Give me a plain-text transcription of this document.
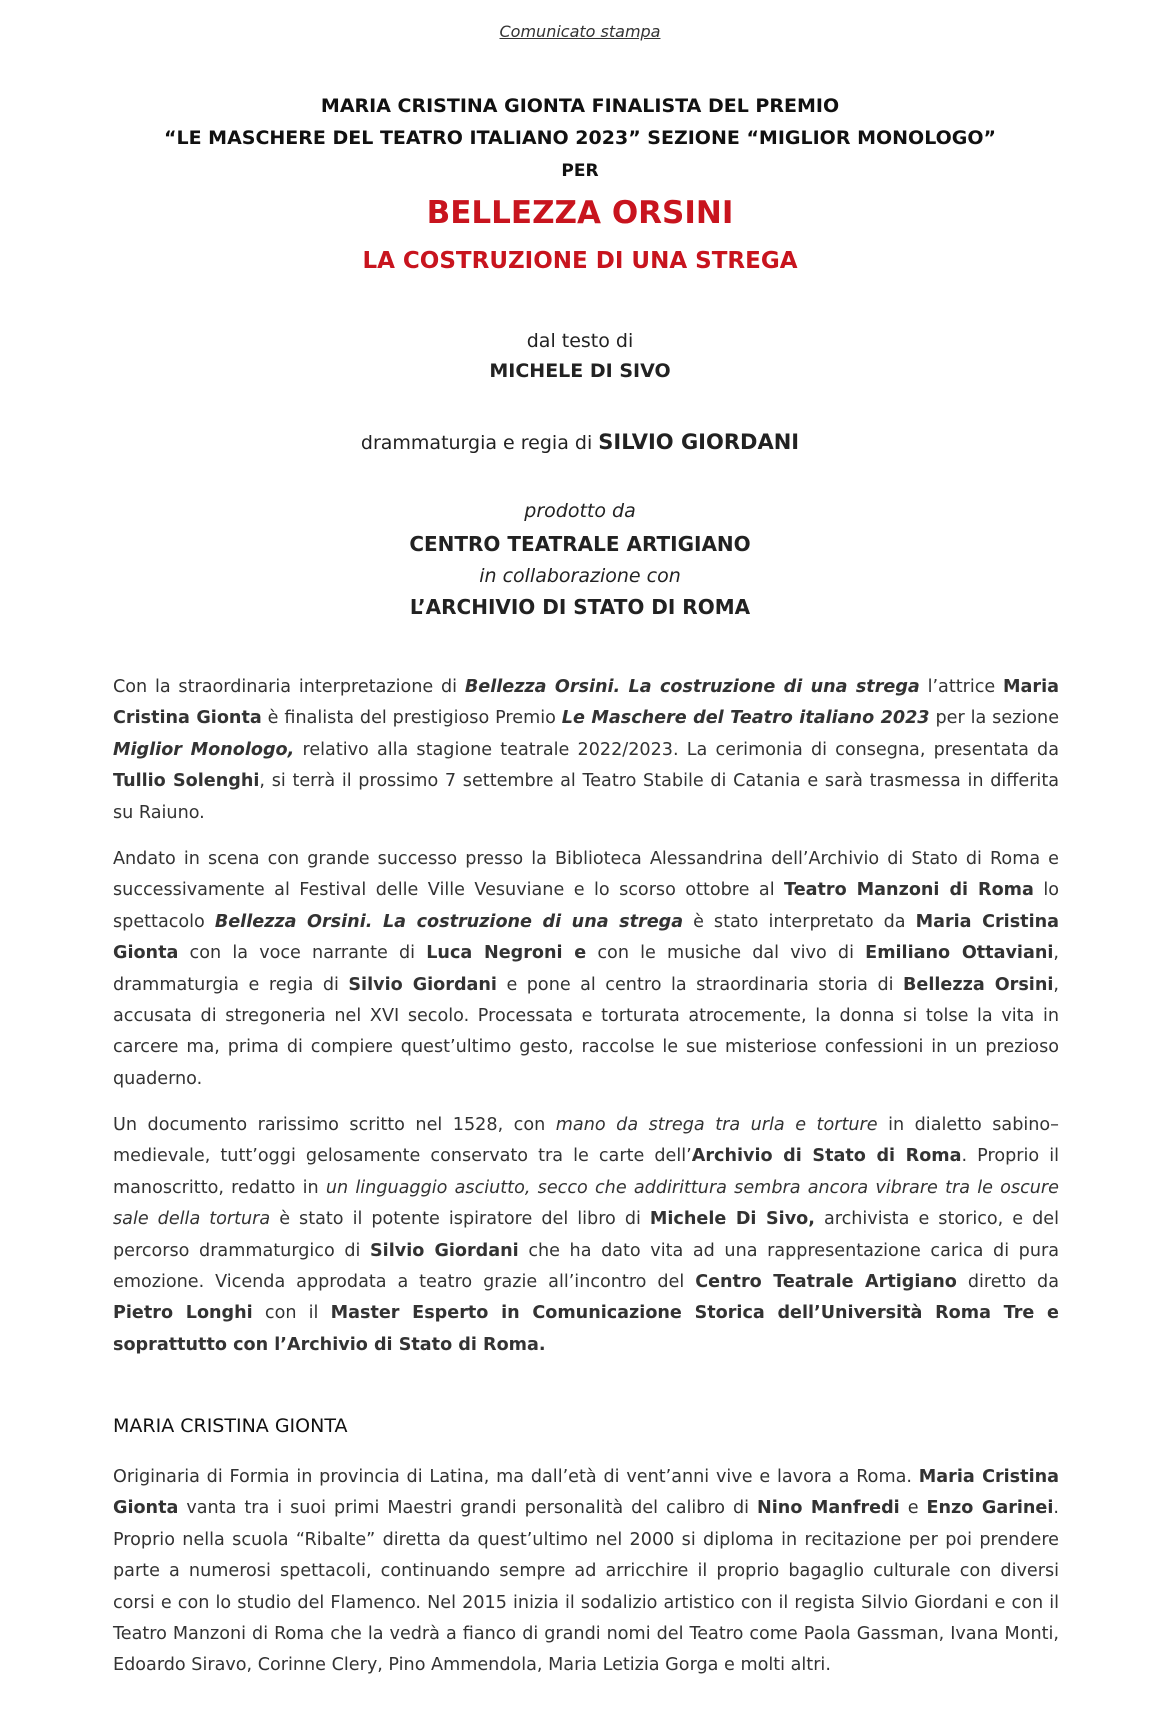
Comunicato stampa
MARIA CRISTINA GIONTA FINALISTA DEL PREMIO
“LE MASCHERE DEL TEATRO ITALIANO 2023” SEZIONE “MIGLIOR MONOLOGO”
PER
BELLEZZA ORSINI
LA COSTRUZIONE DI UNA STREGA
dal testo di
MICHELE DI SIVO
drammaturgia e regia di SILVIO GIORDANI
prodotto da
CENTRO TEATRALE ARTIGIANO
in collaborazione con
L’ARCHIVIO DI STATO DI ROMA

Con la straordinaria interpretazione di Bellezza Orsini. La costruzione di una strega l’attrice Maria Cristina Gionta è finalista del prestigioso Premio Le Maschere del Teatro italiano 2023 per la sezione Miglior Monologo, relativo alla stagione teatrale 2022/2023. La cerimonia di consegna, presentata da Tullio Solenghi, si terrà il prossimo 7 settembre al Teatro Stabile di Catania e sarà trasmessa in differita su Raiuno.

Andato in scena con grande successo presso la Biblioteca Alessandrina dell’Archivio di Stato di Roma e successivamente al Festival delle Ville Vesuviane e lo scorso ottobre al Teatro Manzoni di Roma lo spettacolo Bellezza Orsini. La costruzione di una strega è stato interpretato da Maria Cristina Gionta con la voce narrante di Luca Negroni e con le musiche dal vivo di Emiliano Ottaviani, drammaturgia e regia di Silvio Giordani e pone al centro la straordinaria storia di Bellezza Orsini, accusata di stregoneria nel XVI secolo. Processata e torturata atrocemente, la donna si tolse la vita in carcere ma, prima di compiere quest’ultimo gesto, raccolse le sue misteriose confessioni in un prezioso quaderno.

Un documento rarissimo scritto nel 1528, con mano da strega tra urla e torture in dialetto sabino–medievale, tutt’oggi gelosamente conservato tra le carte dell’Archivio di Stato di Roma. Proprio il manoscritto, redatto in un linguaggio asciutto, secco che addirittura sembra ancora vibrare tra le oscure sale della tortura è stato il potente ispiratore del libro di Michele Di Sivo, archivista e storico, e del percorso drammaturgico di Silvio Giordani che ha dato vita ad una rappresentazione carica di pura emozione. Vicenda approdata a teatro grazie all’incontro del Centro Teatrale Artigiano diretto da Pietro Longhi con il Master Esperto in Comunicazione Storica dell’Università Roma Tre e soprattutto con l’Archivio di Stato di Roma.

MARIA CRISTINA GIONTA

Originaria di Formia in provincia di Latina, ma dall’età di vent’anni vive e lavora a Roma. Maria Cristina Gionta vanta tra i suoi primi Maestri grandi personalità del calibro di Nino Manfredi e Enzo Garinei. Proprio nella scuola “Ribalte” diretta da quest’ultimo nel 2000 si diploma in recitazione per poi prendere parte a numerosi spettacoli, continuando sempre ad arricchire il proprio bagaglio culturale con diversi corsi e con lo studio del Flamenco. Nel 2015 inizia il sodalizio artistico con il regista Silvio Giordani e con il Teatro Manzoni di Roma che la vedrà a fianco di grandi nomi del Teatro come Paola Gassman, Ivana Monti, Edoardo Siravo, Corinne Clery, Pino Ammendola, Maria Letizia Gorga e molti altri.
